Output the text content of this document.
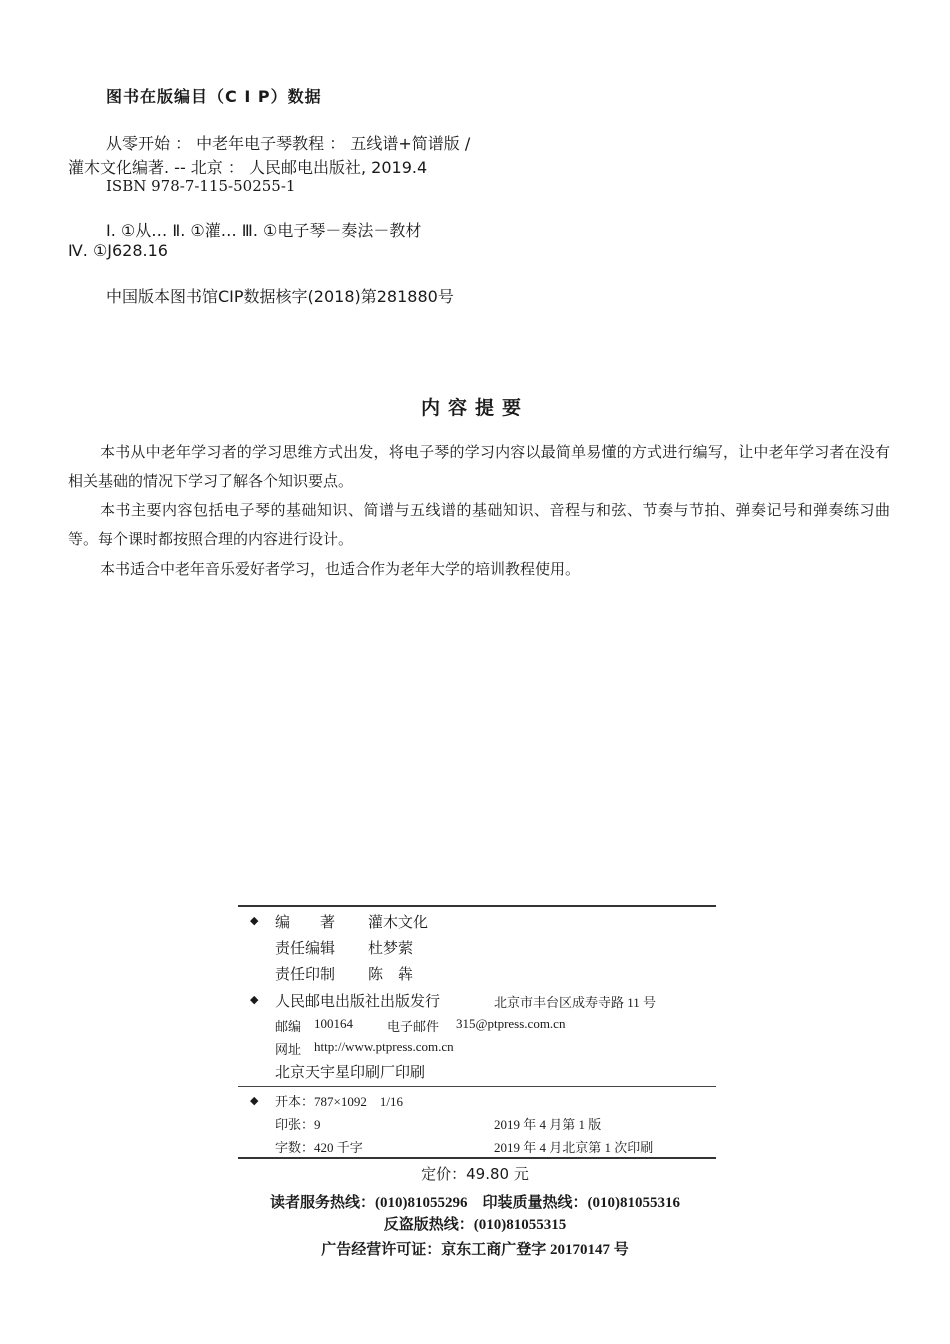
图书在版编目（C I P）数据
从零开始 ： 中老年电子琴教程 ： 五线谱+简谱版 /
灌木文化编著. -- 北京 ： 人民邮电出版社, 2019.4
ISBN 978-7-115-50255-1
Ⅰ. ①从… Ⅱ. ①灌… Ⅲ. ①电子琴－奏法－教材
Ⅳ. ①J628.16
中国版本图书馆CIP数据核字(2018)第281880号
内容提要
本书从中老年学习者的学习思维方式出发，将电子琴的学习内容以最简单易懂的方式进行编写，让中老年学习者在没有相关基础的情况下学习了解各个知识要点。
本书主要内容包括电子琴的基础知识、简谱与五线谱的基础知识、音程与和弦、节奏与节拍、弹奏记号和弹奏练习曲等。每个课时都按照合理的内容进行设计。
本书适合中老年音乐爱好者学习，也适合作为老年大学的培训教程使用。
◆ 编　　著 灌木文化
责任编辑 杜梦萦
责任印制 陈　犇
◆ 人民邮电出版社出版发行	北京市丰台区成寿寺路 11 号
邮编 100164	电子邮件 315@ptpress.com.cn
网址 http://www.ptpress.com.cn
北京天宇星印刷厂印刷
◆ 开本：787×1092　1/16
印张：9	2019 年 4 月第 1 版
字数：420 千字	2019 年 4 月北京第 1 次印刷
定价：49.80 元
读者服务热线：(010)81055296　印装质量热线：(010)81055316
反盗版热线：(010)81055315
广告经营许可证：京东工商广登字 20170147 号
